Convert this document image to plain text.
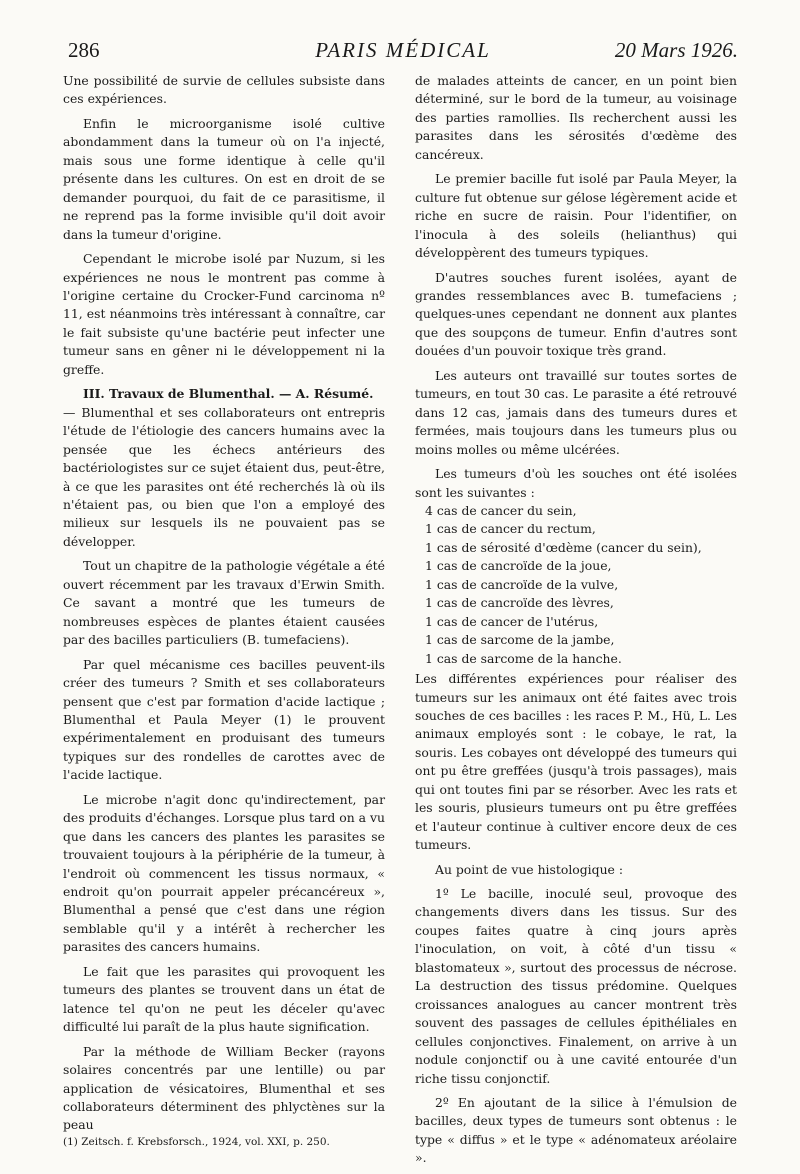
286	PARIS MÉDICAL	20 Mars 1926.

Une possibilité de survie de cellules subsiste dans ces expériences.

Enfin le microorganisme isolé cultive abondamment dans la tumeur où on l'a injecté, mais sous une forme identique à celle qu'il présente dans les cultures. On est en droit de se demander pourquoi, du fait de ce parasitisme, il ne reprend pas la forme invisible qu'il doit avoir dans la tumeur d'origine.

Cependant le microbe isolé par Nuzum, si les expériences ne nous le montrent pas comme à l'origine certaine du Crocker-Fund carcinoma nº 11, est néanmoins très intéressant à connaître, car le fait subsiste qu'une bactérie peut infecter une tumeur sans en gêner ni le développement ni la greffe.

III. Travaux de Blumenthal. — A. Résumé.

— Blumenthal et ses collaborateurs ont entrepris l'étude de l'étiologie des cancers humains avec la pensée que les échecs antérieurs des bactériologistes sur ce sujet étaient dus, peut-être, à ce que les parasites ont été recherchés là où ils n'étaient pas, ou bien que l'on a employé des milieux sur lesquels ils ne pouvaient pas se développer.

Tout un chapitre de la pathologie végétale a été ouvert récemment par les travaux d'Erwin Smith. Ce savant a montré que les tumeurs de nombreuses espèces de plantes étaient causées par des bacilles particuliers (B. tumefaciens).

Par quel mécanisme ces bacilles peuvent-ils créer des tumeurs ? Smith et ses collaborateurs pensent que c'est par formation d'acide lactique ; Blumenthal et Paula Meyer (1) le prouvent expérimentalement en produisant des tumeurs typiques sur des rondelles de carottes avec de l'acide lactique.

Le microbe n'agit donc qu'indirectement, par des produits d'échanges. Lorsque plus tard on a vu que dans les cancers des plantes les parasites se trouvaient toujours à la périphérie de la tumeur, à l'endroit où commencent les tissus normaux, « endroit qu'on pourrait appeler précancéreux », Blumenthal a pensé que c'est dans une région semblable qu'il y a intérêt à rechercher les parasites des cancers humains.

Le fait que les parasites qui provoquent les tumeurs des plantes se trouvent dans un état de latence tel qu'on ne peut les déceler qu'avec difficulté lui paraît de la plus haute signification.

Par la méthode de William Becker (rayons solaires concentrés par une lentille) ou par application de vésicatoires, Blumenthal et ses collaborateurs déterminent des phlyctènes sur la peau

(1) Zeitsch. f. Krebsforsch., 1924, vol. XXI, p. 250.

de malades atteints de cancer, en un point bien déterminé, sur le bord de la tumeur, au voisinage des parties ramollies. Ils recherchent aussi les parasites dans les sérosités d'œdème des cancéreux.

Le premier bacille fut isolé par Paula Meyer, la culture fut obtenue sur gélose légèrement acide et riche en sucre de raisin. Pour l'identifier, on l'inocula à des soleils (helianthus) qui développèrent des tumeurs typiques.

D'autres souches furent isolées, ayant de grandes ressemblances avec B. tumefaciens ; quelques-unes cependant ne donnent aux plantes que des soupçons de tumeur. Enfin d'autres sont douées d'un pouvoir toxique très grand.

Les auteurs ont travaillé sur toutes sortes de tumeurs, en tout 30 cas. Le parasite a été retrouvé dans 12 cas, jamais dans des tumeurs dures et fermées, mais toujours dans les tumeurs plus ou moins molles ou même ulcérées.

Les tumeurs d'où les souches ont été isolées sont les suivantes :

4 cas de cancer du sein,
1 cas de cancer du rectum,
1 cas de sérosité d'œdème (cancer du sein),
1 cas de cancroïde de la joue,
1 cas de cancroïde de la vulve,
1 cas de cancroïde des lèvres,
1 cas de cancer de l'utérus,
1 cas de sarcome de la jambe,
1 cas de sarcome de la hanche.

Les différentes expériences pour réaliser des tumeurs sur les animaux ont été faites avec trois souches de ces bacilles : les races P. M., Hü, L. Les animaux employés sont : le cobaye, le rat, la souris. Les cobayes ont développé des tumeurs qui ont pu être greffées (jusqu'à trois passages), mais qui ont toutes fini par se résorber. Avec les rats et les souris, plusieurs tumeurs ont pu être greffées et l'auteur continue à cultiver encore deux de ces tumeurs.

Au point de vue histologique :

1º Le bacille, inoculé seul, provoque des changements divers dans les tissus. Sur des coupes faites quatre à cinq jours après l'inoculation, on voit, à côté d'un tissu « blastomateux », surtout des processus de nécrose. La destruction des tissus prédomine. Quelques croissances analogues au cancer montrent très souvent des passages de cellules épithéliales en cellules conjonctives. Finalement, on arrive à un nodule conjonctif ou à une cavité entourée d'un riche tissu conjonctif.

2º En ajoutant de la silice à l'émulsion de bacilles, deux types de tumeurs sont obtenus : le type « diffus » et le type « adénomateux aréolaire ».
